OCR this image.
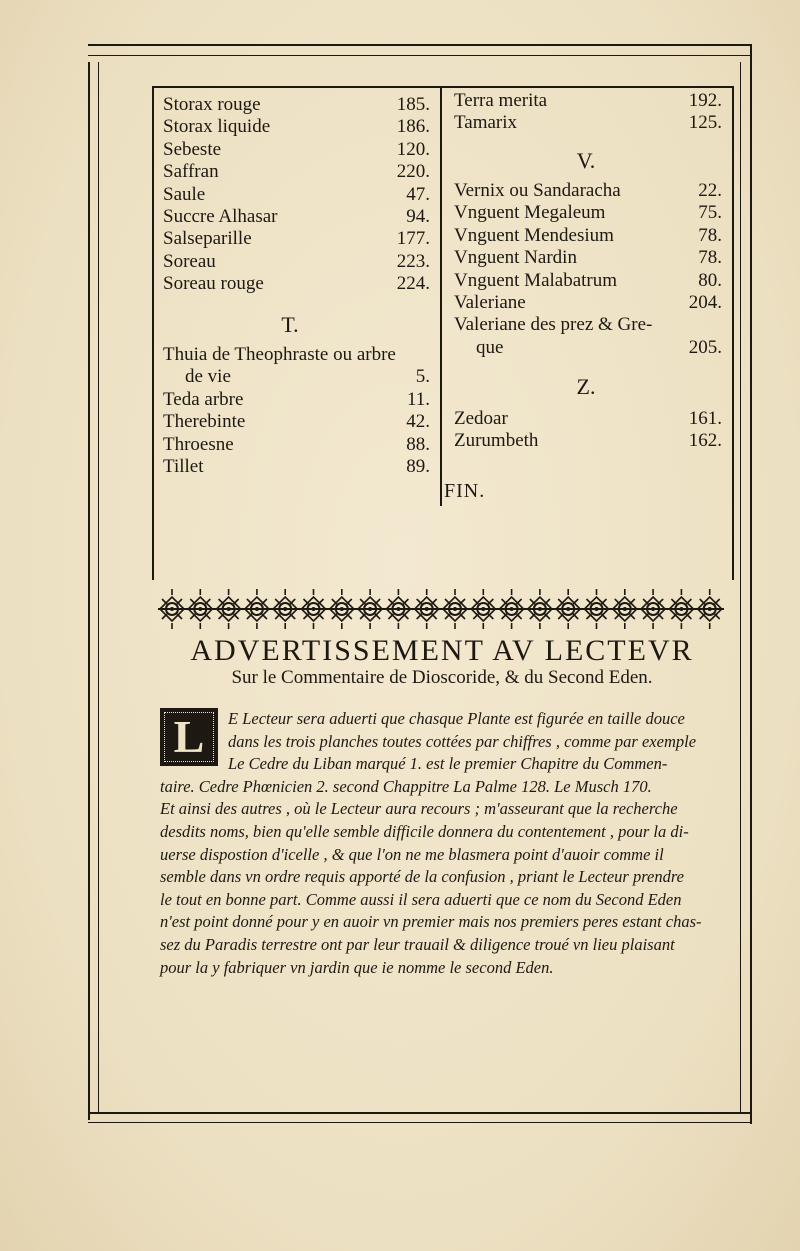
Storax rouge	185.
Storax liquide	186.
Sebeste	120.
Saffran	220.
Saule	47.
Succre Alhasar	94.
Salseparille	177.
Soreau	223.
Soreau rouge	224.
T.
Thuia de Theophraste ou arbre
de vie	5.
Teda arbre	11.
Therebinte	42.
Throesne	88.
Tillet	89.
Terra merita	192.
Tamarix	125.
V.
Vernix ou Sandaracha	22.
Vnguent Megaleum	75.
Vnguent Mendesium	78.
Vnguent Nardin	78.
Vnguent Malabatrum	80.
Valeriane	204.
Valeriane des prez & Gre-
que	205.
Z.
Zedoar	161.
Zurumbeth	162.
FIN.
ADVERTISSEMENT AV LECTEVR
Sur le Commentaire de Dioscoride, & du Second Eden.
L	E Lecteur sera aduerti que chasque Plante est figurée en taille douce
dans les trois planches toutes cottées par chiffres , comme par exemple
Le Cedre du Liban marqué 1. est le premier Chapitre du Commen-
taire. Cedre Phœnicien 2. second Chappitre La Palme 128. Le Musch 170.
Et ainsi des autres , où le Lecteur aura recours ; m'asseurant que la recherche
desdits noms, bien qu'elle semble difficile donnera du contentement , pour la di-
uerse dispostion d'icelle , & que l'on ne me blasmera point d'auoir comme il
semble dans vn ordre requis apporté de la confusion , priant le Lecteur prendre
le tout en bonne part. Comme aussi il sera aduerti que ce nom du Second Eden
n'est point donné pour y en auoir vn premier mais nos premiers peres estant chas-
sez du Paradis terrestre ont par leur trauail & diligence troué vn lieu plaisant
pour la y fabriquer vn jardin que ie nomme le second Eden.
